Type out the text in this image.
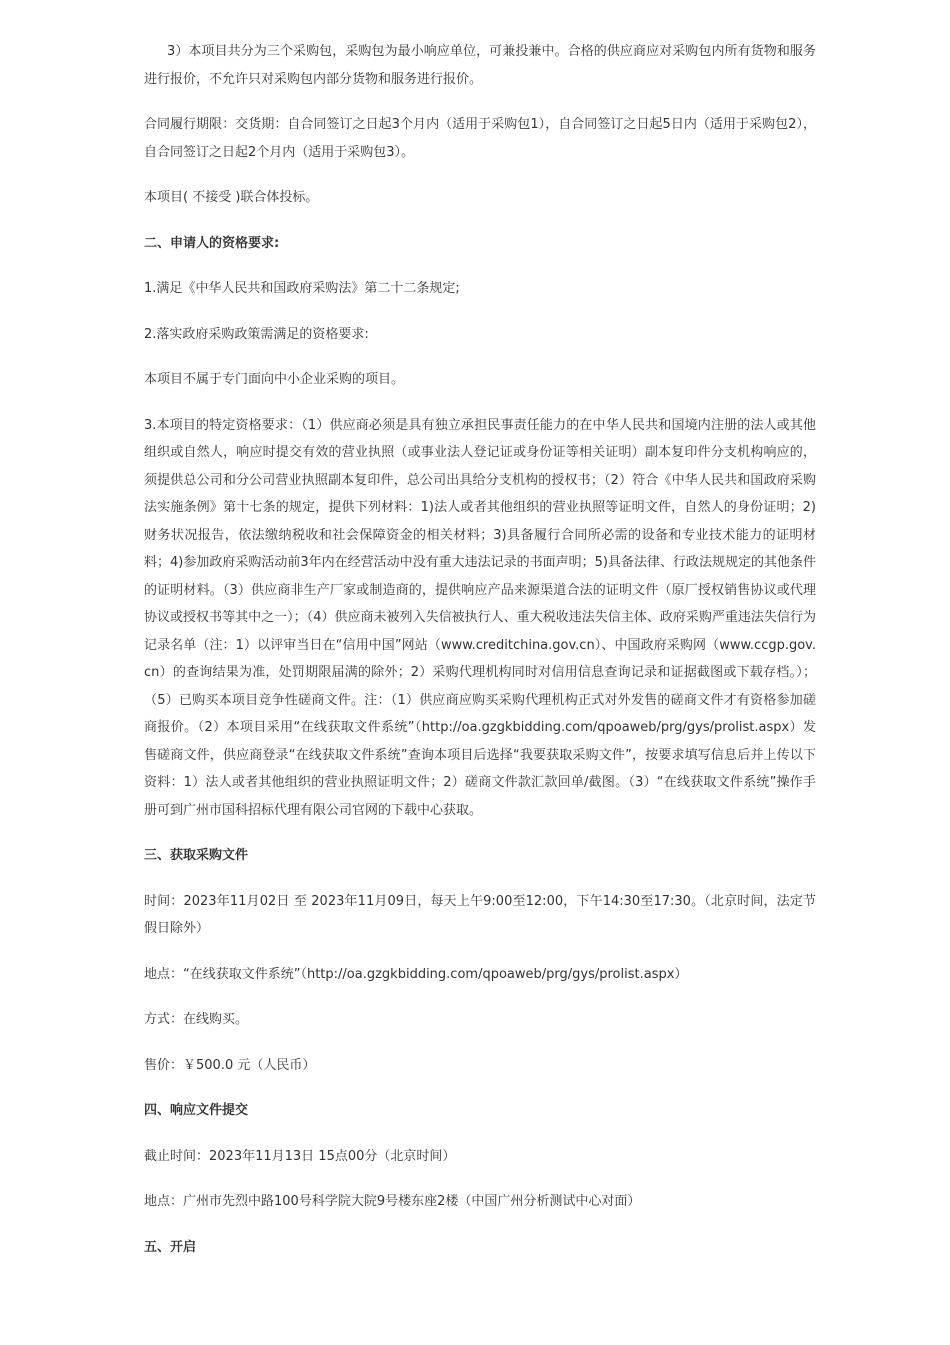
3）本项目共分为三个采购包，采购包为最小响应单位，可兼投兼中。合格的供应商应对采购包内所有货物和服务进行报价，不允许只对采购包内部分货物和服务进行报价。

合同履行期限：交货期：自合同签订之日起3个月内（适用于采购包1），自合同签订之日起5日内（适用于采购包2），自合同签订之日起2个月内（适用于采购包3）。

本项目( 不接受 )联合体投标。

二、申请人的资格要求:

1.满足《中华人民共和国政府采购法》第二十二条规定;

2.落实政府采购政策需满足的资格要求:

本项目不属于专门面向中小企业采购的项目。

3.本项目的特定资格要求：（1）供应商必须是具有独立承担民事责任能力的在中华人民共和国境内注册的法人或其他组织或自然人，响应时提交有效的营业执照（或事业法人登记证或身份证等相关证明）副本复印件分支机构响应的，须提供总公司和分公司营业执照副本复印件，总公司出具给分支机构的授权书；（2）符合《中华人民共和国政府采购法实施条例》第十七条的规定，提供下列材料：1)法人或者其他组织的营业执照等证明文件，自然人的身份证明；2)财务状况报告，依法缴纳税收和社会保障资金的相关材料；3)具备履行合同所必需的设备和专业技术能力的证明材料；4)参加政府采购活动前3年内在经营活动中没有重大违法记录的书面声明；5)具备法律、行政法规规定的其他条件的证明材料。（3）供应商非生产厂家或制造商的，提供响应产品来源渠道合法的证明文件（原厂授权销售协议或代理协议或授权书等其中之一）；（4）供应商未被列入失信被执行人、重大税收违法失信主体、政府采购严重违法失信行为记录名单（注：1）以评审当日在“信用中国”网站（www.creditchina.gov.cn）、中国政府采购网（www.ccgp.gov.cn）的查询结果为准，处罚期限届满的除外；2）采购代理机构同时对信用信息查询记录和证据截图或下载存档。）；（5）已购买本项目竞争性磋商文件。注：（1）供应商应购买采购代理机构正式对外发售的磋商文件才有资格参加磋商报价。（2）本项目采用“在线获取文件系统”（http://oa.gzgkbidding.com/qpoaweb/prg/gys/prolist.aspx）发售磋商文件，供应商登录“在线获取文件系统”查询本项目后选择“我要获取采购文件”，按要求填写信息后并上传以下资料：1）法人或者其他组织的营业执照证明文件；2）磋商文件款汇款回单/截图。（3）“在线获取文件系统”操作手册可到广州市国科招标代理有限公司官网的下载中心获取。

三、获取采购文件

时间：2023年11月02日 至 2023年11月09日，每天上午9:00至12:00，下午14:30至17:30。（北京时间，法定节假日除外）

地点：“在线获取文件系统”（http://oa.gzgkbidding.com/qpoaweb/prg/gys/prolist.aspx）

方式：在线购买。

售价：￥500.0 元（人民币）

四、响应文件提交

截止时间：2023年11月13日 15点00分（北京时间）

地点：广州市先烈中路100号科学院大院9号楼东座2楼（中国广州分析测试中心对面）

五、开启
